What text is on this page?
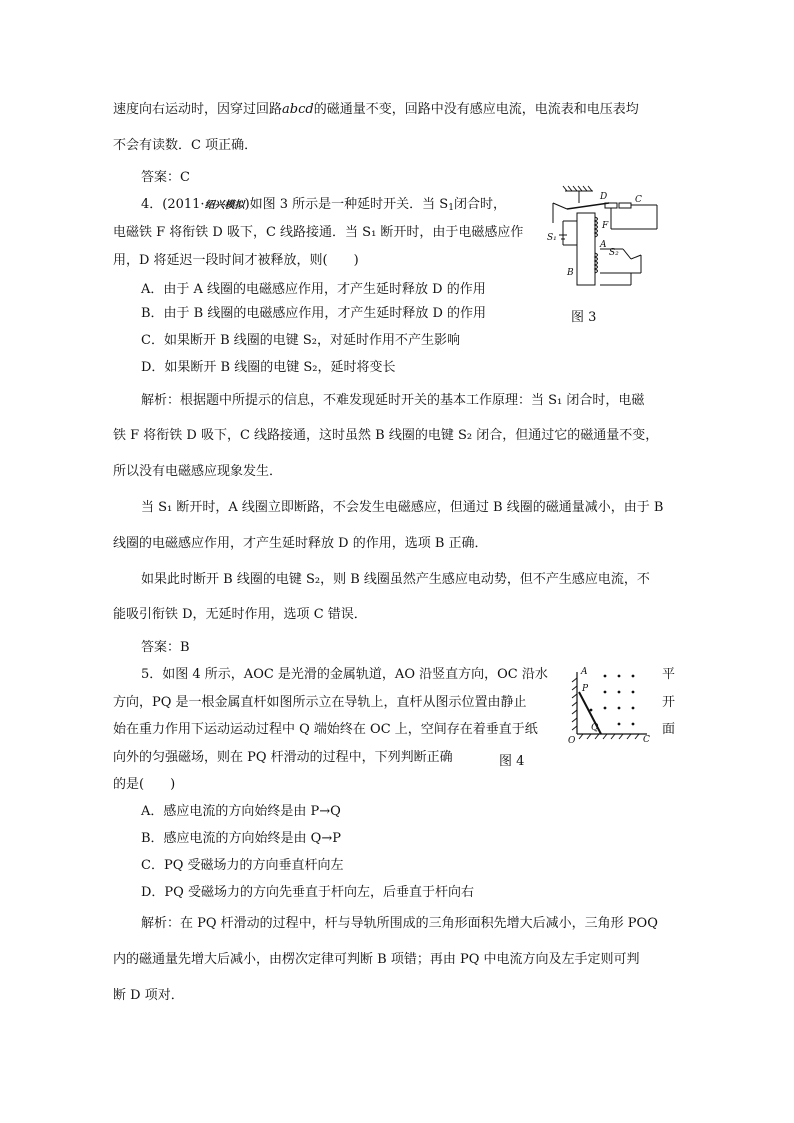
速度向右运动时，因穿过回路abcd的磁通量不变，回路中没有感应电流，电流表和电压表均
不会有读数．C 项正确．
答案：C
4．(2011·绍兴模拟)如图 3 所示是一种延时开关．当 $S_1$闭合时，
电磁铁 F 将衔铁 D 吸下，C 线路接通．当 S₁ 断开时，由于电磁感应作
用，D 将延迟一段时间才被释放，则(　　)
A．由于 A 线圈的电磁感应作用，才产生延时释放 D 的作用
B．由于 B 线圈的电磁感应作用，才产生延时释放 D 的作用
C．如果断开 B 线圈的电键 S₂，对延时作用不产生影响
D．如果断开 B 线圈的电键 S₂，延时将变长
图 3
D	C
F
A
S₁
S₂
B
解析：根据题中所提示的信息，不难发现延时开关的基本工作原理：当 S₁ 闭合时，电磁
铁 F 将衔铁 D 吸下，C 线路接通，这时虽然 B 线圈的电键 S₂ 闭合，但通过它的磁通量不变，
所以没有电磁感应现象发生．
当 S₁ 断开时，A 线圈立即断路，不会发生电磁感应，但通过 B 线圈的磁通量减小，由于 B
线圈的电磁感应作用，才产生延时释放 D 的作用，选项 B 正确．
如果此时断开 B 线圈的电键 S₂，则 B 线圈虽然产生感应电动势，但不产生感应电流，不
能吸引衔铁 D，无延时作用，选项 C 错误．
答案：B
5．如图 4 所示，AOC 是光滑的金属轨道，AO 沿竖直方向，OC 沿水	平
方向，PQ 是一根金属直杆如图所示立在导轨上，直杆从图示位置由静止	开
始在重力作用下运动运动过程中 Q 端始终在 OC 上，空间存在着垂直于纸	面
向外的匀强磁场，则在 PQ 杆滑动的过程中，下列判断正确	图 4
的是(　　)
A．感应电流的方向始终是由 P→Q
B．感应电流的方向始终是由 Q→P
C．PQ 受磁场力的方向垂直杆向左
D．PQ 受磁场力的方向先垂直于杆向左，后垂直于杆向右
A
P
Q
O	C
解析：在 PQ 杆滑动的过程中，杆与导轨所围成的三角形面积先增大后减小，三角形 POQ
内的磁通量先增大后减小，由楞次定律可判断 B 项错；再由 PQ 中电流方向及左手定则可判
断 D 项对．
